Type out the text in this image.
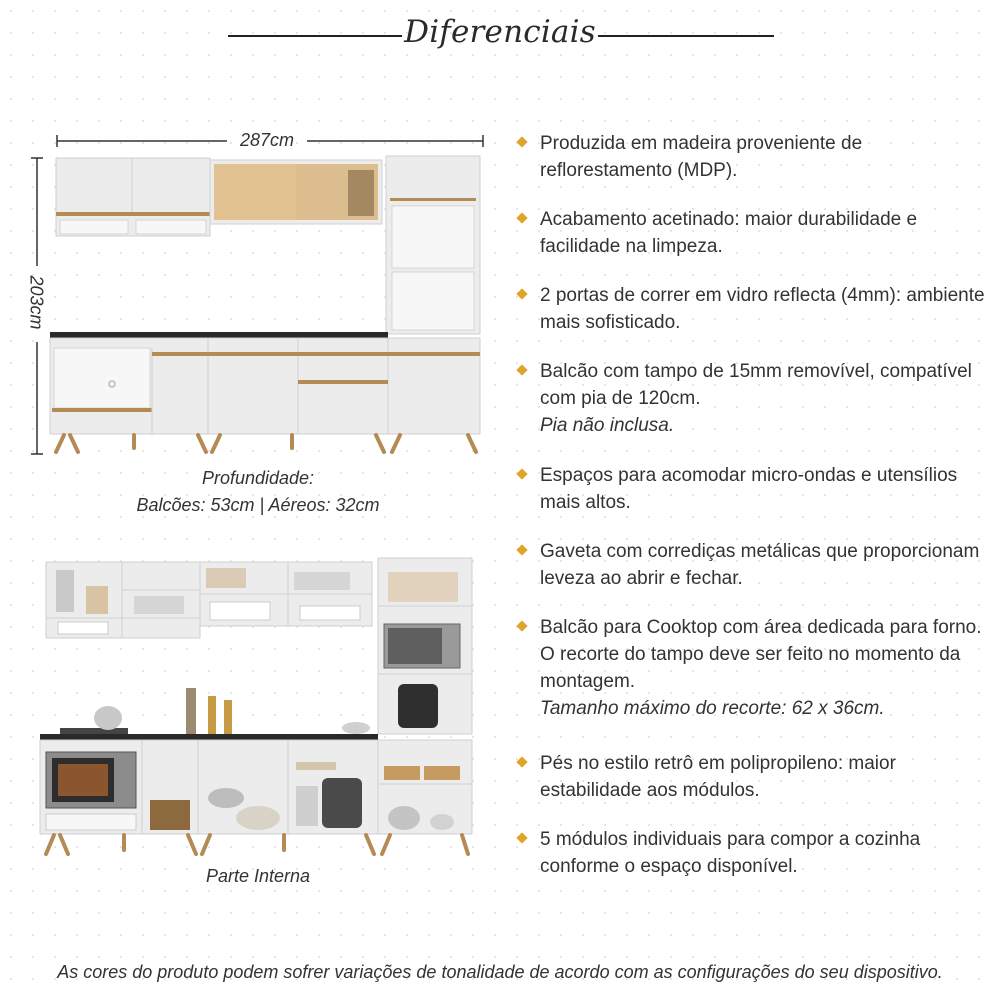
Diferenciais
287cm
203cm
Profundidade:
Balcões: 53cm | Aéreos: 32cm
Parte Interna
Produzida em madeira proveniente de reflorestamento (MDP).
Acabamento acetinado: maior durabilidade e facilidade na limpeza.
2 portas de correr em vidro reflecta (4mm): ambiente mais sofisticado.
Balcão com tampo de 15mm removível, compatível com pia de 120cm.
Pia não inclusa.
Espaços para acomodar micro-ondas e utensílios mais altos.
Gaveta com corrediças metálicas que proporcionam leveza ao abrir e fechar.
Balcão para Cooktop com área dedicada para forno. O recorte do tampo deve ser feito no momento da montagem.
Tamanho máximo do recorte: 62 x 36cm.
Pés no estilo retrô em polipropileno: maior estabilidade aos módulos.
5 módulos individuais para compor a cozinha conforme o espaço disponível.
As cores do produto podem sofrer variações de tonalidade de acordo com as configurações do seu dispositivo.
